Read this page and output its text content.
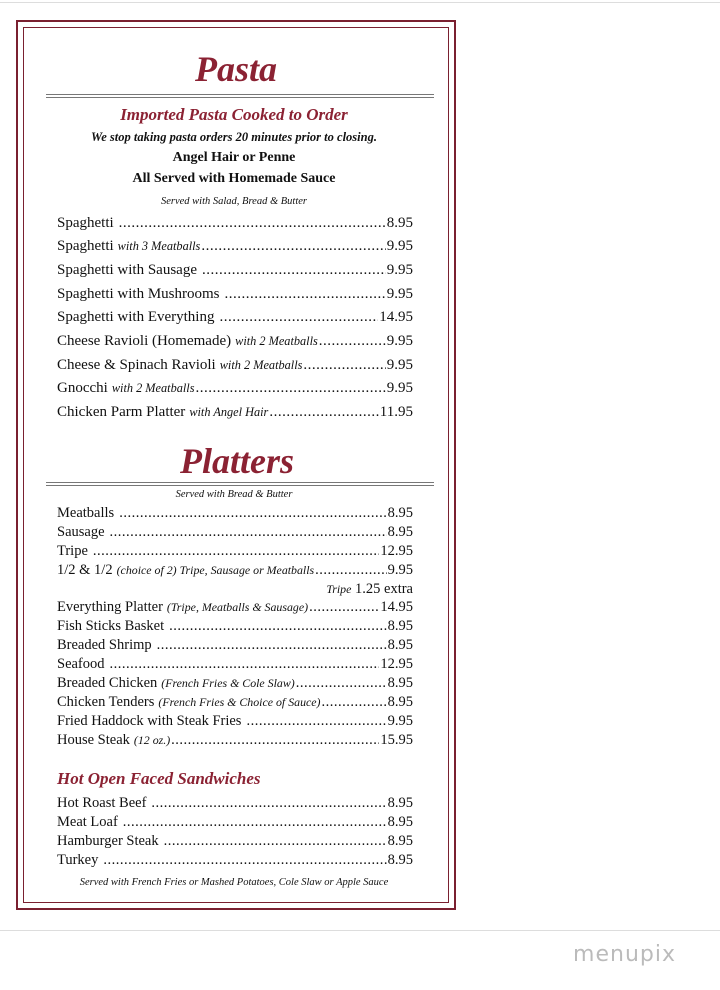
Pasta
Imported Pasta Cooked to Order
We stop taking pasta orders 20 minutes prior to closing.
Angel Hair or Penne
All Served with Homemade Sauce
Served with Salad, Bread & Butter
Spaghetti .....	8.95
Spaghetti with 3 Meatballs .....	9.95
Spaghetti with Sausage .....	9.95
Spaghetti with Mushrooms .....	9.95
Spaghetti with Everything .....	14.95
Cheese Ravioli (Homemade) with 2 Meatballs .....	9.95
Cheese & Spinach Ravioli with 2 Meatballs .....	9.95
Gnocchi with 2 Meatballs .....	9.95
Chicken Parm Platter with Angel Hair .....	11.95
Platters
Served with Bread & Butter
Meatballs .....	8.95
Sausage .....	8.95
Tripe .....	12.95
1/2 & 1/2 (choice of 2) Tripe, Sausage or Meatballs .....	9.95
Tripe 1.25 extra
Everything Platter (Tripe, Meatballs & Sausage) .....	14.95
Fish Sticks Basket .....	8.95
Breaded Shrimp .....	8.95
Seafood .....	12.95
Breaded Chicken (French Fries & Cole Slaw) .....	8.95
Chicken Tenders (French Fries & Choice of Sauce) .....	8.95
Fried Haddock with Steak Fries .....	9.95
House Steak (12 oz.) .....	15.95
Hot Open Faced Sandwiches
Hot Roast Beef .....	8.95
Meat Loaf .....	8.95
Hamburger Steak .....	8.95
Turkey .....	8.95
Served with French Fries or Mashed Potatoes, Cole Slaw or Apple Sauce
menupix
